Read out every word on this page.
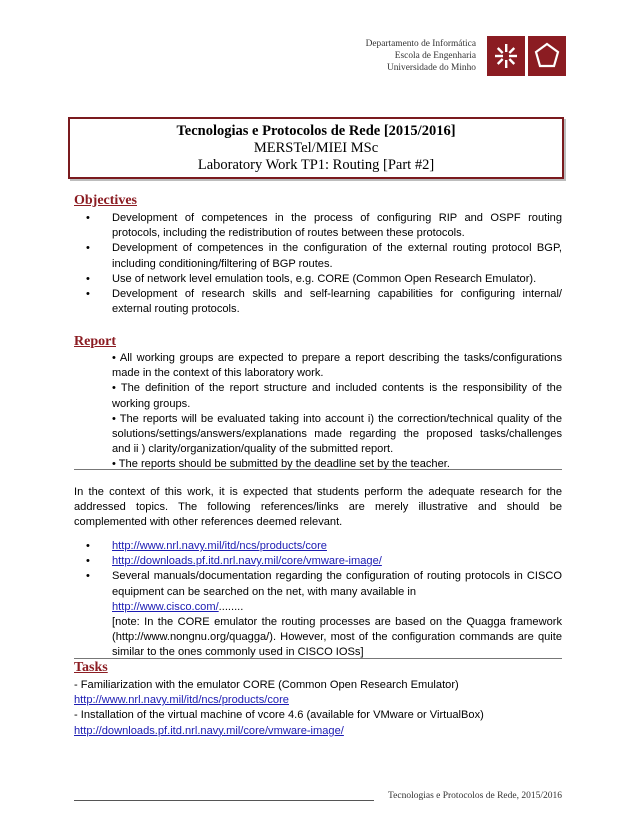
Departamento de Informática
Escola de Engenharia
Universidade do Minho
Tecnologias e Protocolos de Rede [2015/2016]
MERSTel/MIEI MSc
Laboratory Work TP1: Routing [Part #2]
Objectives
• Development of competences in the process of configuring RIP and OSPF routing protocols, including the redistribution of routes between these protocols.
• Development of competences in the configuration of the external routing protocol BGP, including conditioning/filtering of BGP routes.
• Use of network level emulation tools, e.g. CORE (Common Open Research Emulator).
• Development of research skills and self-learning capabilities for configuring internal/ external routing protocols.
Report
• All working groups are expected to prepare a report describing the tasks/configurations made in the context of this laboratory work.
• The definition of the report structure and included contents is the responsibility of the working groups.
• The reports will be evaluated taking into account i) the correction/technical quality of the solutions/settings/answers/explanations made regarding the proposed tasks/challenges and ii ) clarity/organization/quality of the submitted report.
• The reports should be submitted by the deadline set by the teacher.
In the context of this work, it is expected that students perform the adequate research for the addressed topics. The following references/links are merely illustrative and should be complemented with other references deemed relevant.
• http://www.nrl.navy.mil/itd/ncs/products/core
• http://downloads.pf.itd.nrl.navy.mil/core/vmware-image/
• Several manuals/documentation regarding the configuration of routing protocols in CISCO equipment can be searched on the net, with many available in
http://www.cisco.com/........
[note: In the CORE emulator the routing processes are based on the Quagga framework (http://www.nongnu.org/quagga/). However, most of the configuration commands are quite similar to the ones commonly used in CISCO IOSs]
Tasks
- Familiarization with the emulator CORE (Common Open Research Emulator)
http://www.nrl.navy.mil/itd/ncs/products/core
- Installation of the virtual machine of vcore 4.6 (available for VMware or VirtualBox)
http://downloads.pf.itd.nrl.navy.mil/core/vmware-image/
Tecnologias e Protocolos de Rede, 2015/2016
